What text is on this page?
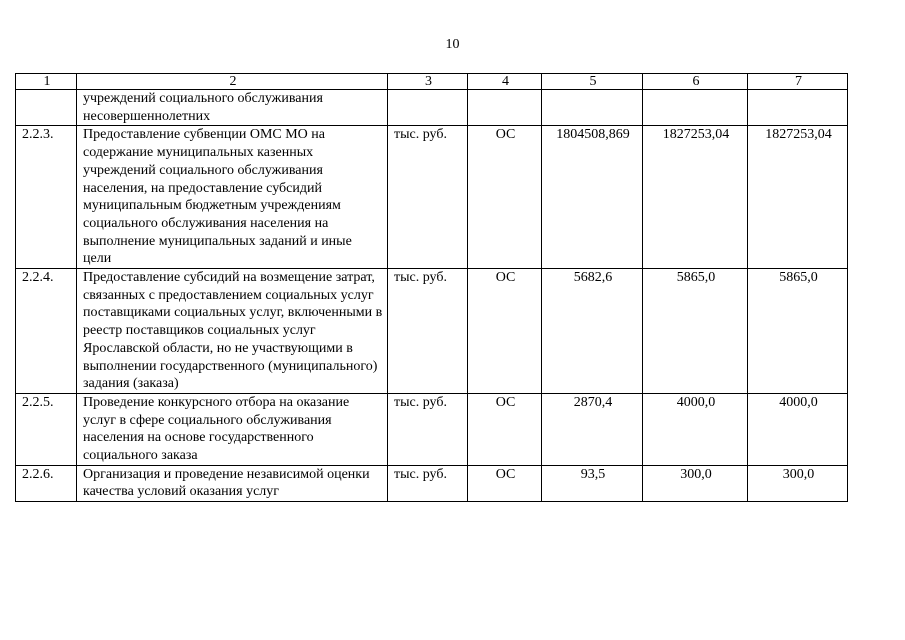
10
1	2	3	4	5	6	7
	учреждений социального обслуживания несовершеннолетних					
2.2.3.	Предоставление субвенции ОМС МО на содержание муниципальных казенных учреждений социального обслуживания населения, на предоставление субсидий муниципальным бюджетным учреждениям социального обслуживания населения на выполнение муниципальных заданий и иные цели	тыс. руб.	ОС	1804508,869	1827253,04	1827253,04
2.2.4.	Предоставление субсидий на возмещение затрат, связанных с предоставлением социальных услуг поставщиками социальных услуг, включенными в реестр поставщиков социальных услуг Ярославской области, но не участвующими в выполнении государственного (муниципального) задания (заказа)	тыс. руб.	ОС	5682,6	5865,0	5865,0
2.2.5.	Проведение конкурсного отбора на оказание услуг в сфере социального обслуживания населения на основе государственного социального заказа	тыс. руб.	ОС	2870,4	4000,0	4000,0
2.2.6.	Организация и проведение независимой оценки качества условий оказания услуг	тыс. руб.	ОС	93,5	300,0	300,0
